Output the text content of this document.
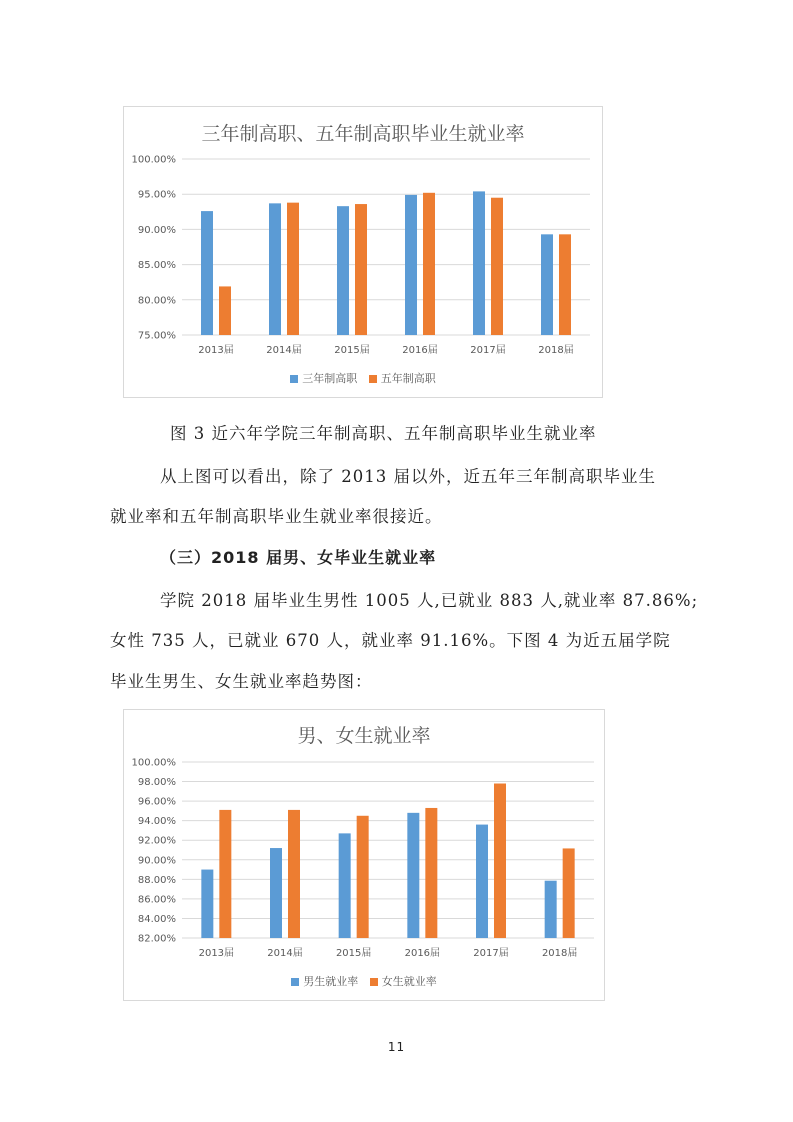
三年制高职、五年制高职毕业生就业率
75.00%
80.00%
85.00%
90.00%
95.00%
100.00%
2013届	2014届	2015届	2016届	2017届	2018届
三年制高职 五年制高职
图 3 近六年学院三年制高职、五年制高职毕业生就业率
从上图可以看出，除了 2013 届以外，近五年三年制高职毕业生
就业率和五年制高职毕业生就业率很接近。
（三）2018 届男、女毕业生就业率
学院 2018 届毕业生男性 1005 人,已就业 883 人,就业率 87.86%;
女性 735 人，已就业 670 人，就业率 91.16%。下图 4 为近五届学院
毕业生男生、女生就业率趋势图：
男、女生就业率
82.00%
84.00%
86.00%
88.00%
90.00%
92.00%
94.00%
96.00%
98.00%
100.00%
2013届	2014届	2015届	2016届	2017届	2018届
男生就业率 女生就业率
11
